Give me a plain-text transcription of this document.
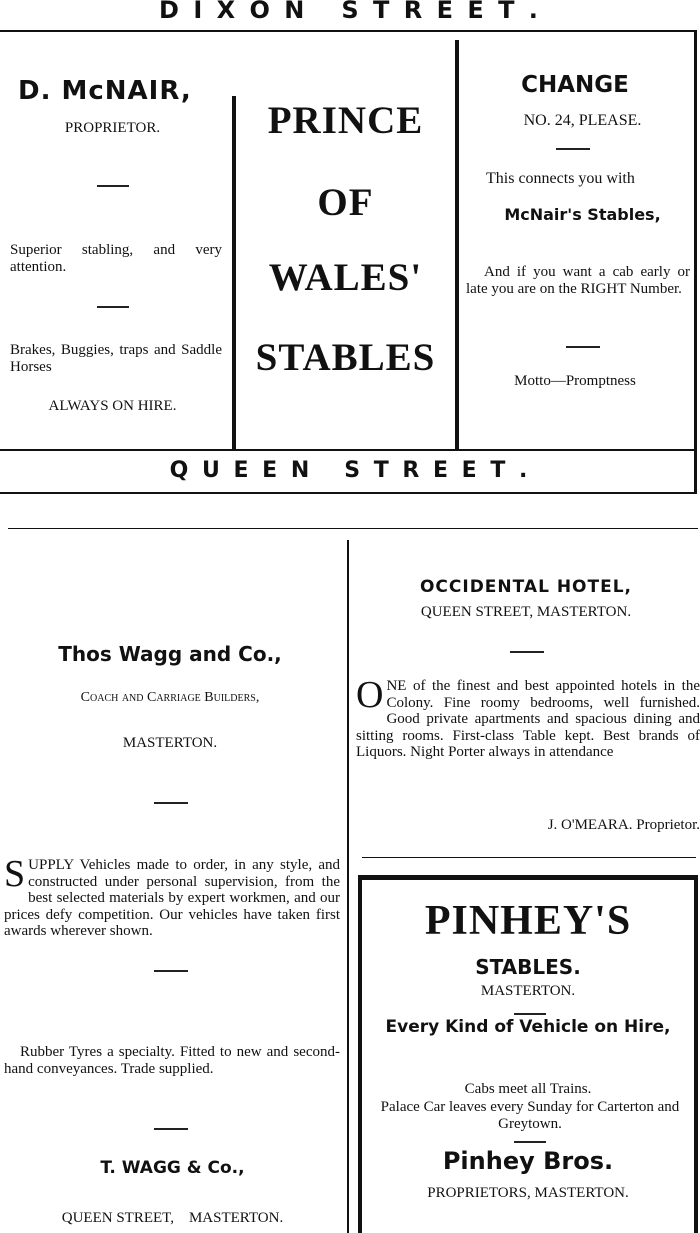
D I X O N   S T R E E T .
D. McNAIR,
PROPRIETOR.

Superior stabling, and very attention.

Brakes, Buggies, traps and Saddle Horses

ALWAYS ON HIRE.
PRINCE
OF
WALES'
STABLES
CHANGE
NO. 24, PLEASE.
This connects you with
McNair's Stables,

And if you want a cab early or late you are on the RIGHT Number.

Motto—Promptness
Q U E E N   S T R E E T .
Thos Wagg and Co.,
Coach and Carriage Builders,
MASTERTON.
S UPPLY Vehicles made to order, in any style, and constructed under personal supervision, from the best selected materials by expert workmen, and our prices defy competition. Our vehicles have taken first awards wherever shown.

Rubber Tyres a specialty. Fitted to new and second-hand conveyances. Trade supplied.

T. WAGG & Co.,
QUEEN STREET,    MASTERTON.
OCCIDENTAL HOTEL,
QUEEN STREET, MASTERTON.
O NE of the finest and best appointed hotels in the Colony. Fine roomy bedrooms, well furnished. Good private apartments and spacious dining and sitting rooms. First-class Table kept. Best brands of Liquors. Night Porter always in attendance

J. O'MEARA. Proprietor.
PINHEY'S
STABLES.
MASTERTON.
Every Kind of Vehicle on Hire,
Cabs meet all Trains.
Palace Car leaves every Sunday for Carterton and Greytown.
Pinhey Bros.
PROPRIETORS, MASTERTON.
